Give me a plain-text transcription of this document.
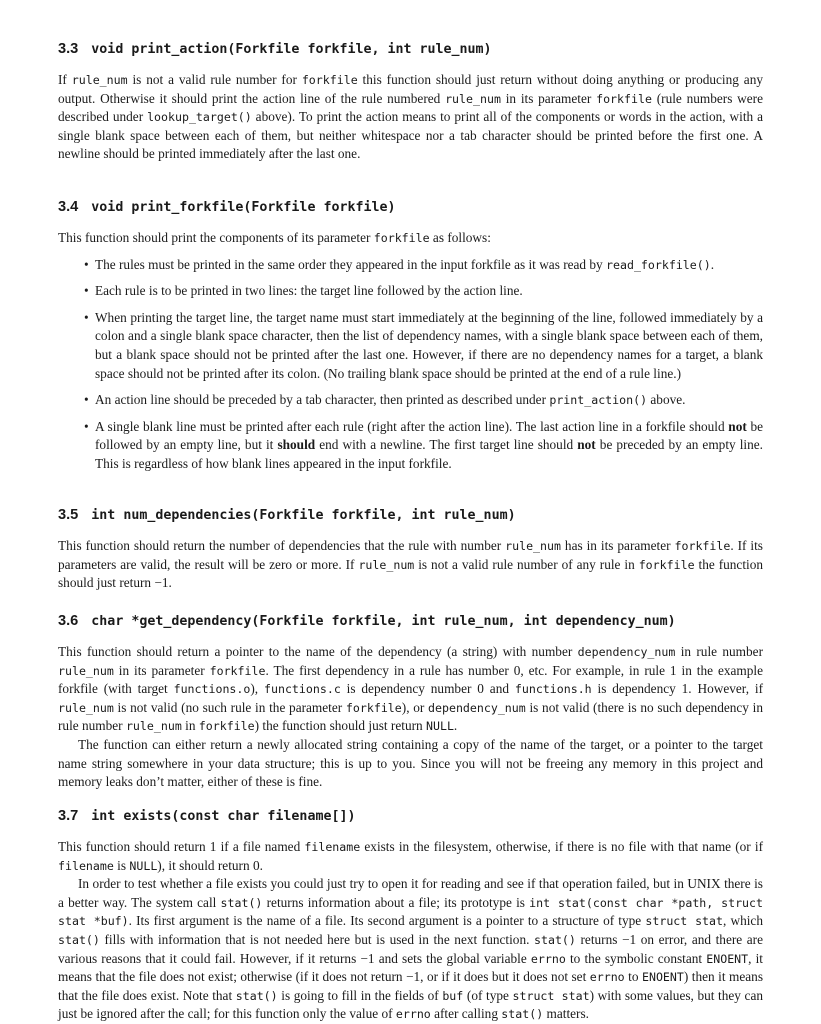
3.3 void print_action(Forkfile forkfile, int rule_num)

If rule_num is not a valid rule number for forkfile this function should just return without doing anything or producing any output. Otherwise it should print the action line of the rule numbered rule_num in its parameter forkfile (rule numbers were described under lookup_target() above). To print the action means to print all of the components or words in the action, with a single blank space between each of them, but neither whitespace nor a tab character should be printed before the first one. A newline should be printed immediately after the last one.

3.4 void print_forkfile(Forkfile forkfile)

This function should print the components of its parameter forkfile as follows:

• The rules must be printed in the same order they appeared in the input forkfile as it was read by read_forkfile().
• Each rule is to be printed in two lines: the target line followed by the action line.
• When printing the target line, the target name must start immediately at the beginning of the line, followed immediately by a colon and a single blank space character, then the list of dependency names, with a single blank space between each of them, but a blank space should not be printed after the last one. However, if there are no dependency names for a target, a blank space should not be printed after its colon. (No trailing blank space should be printed at the end of a rule line.)
• An action line should be preceded by a tab character, then printed as described under print_action() above.
• A single blank line must be printed after each rule (right after the action line). The last action line in a forkfile should not be followed by an empty line, but it should end with a newline. The first target line should not be preceded by an empty line. This is regardless of how blank lines appeared in the input forkfile.
3.5 int num_dependencies(Forkfile forkfile, int rule_num)

This function should return the number of dependencies that the rule with number rule_num has in its parameter forkfile. If its parameters are valid, the result will be zero or more. If rule_num is not a valid rule number of any rule in forkfile the function should just return −1.

3.6 char *get_dependency(Forkfile forkfile, int rule_num, int dependency_num)

This function should return a pointer to the name of the dependency (a string) with number dependency_num in rule number rule_num in its parameter forkfile. The first dependency in a rule has number 0, etc. For example, in rule 1 in the example forkfile (with target functions.o), functions.c is dependency number 0 and functions.h is dependency 1. However, if rule_num is not valid (no such rule in the parameter forkfile), or dependency_num is not valid (there is no such dependency in rule number rule_num in forkfile) the function should just return NULL.

The function can either return a newly allocated string containing a copy of the name of the target, or a pointer to the target name string somewhere in your data structure; this is up to you. Since you will not be freeing any memory in this project and memory leaks don’t matter, either of these is fine.

3.7 int exists(const char filename[])

This function should return 1 if a file named filename exists in the filesystem, otherwise, if there is no file with that name (or if filename is NULL), it should return 0.

In order to test whether a file exists you could just try to open it for reading and see if that operation failed, but in UNIX there is a better way. The system call stat() returns information about a file; its prototype is int stat(const char *path, struct stat *buf). Its first argument is the name of a file. Its second argument is a pointer to a structure of type struct stat, which stat() fills with information that is not needed here but is used in the next function. stat() returns −1 on error, and there are various reasons that it could fail. However, if it returns −1 and sets the global variable errno to the symbolic constant ENOENT, it means that the file does not exist; otherwise (if it does not return −1, or if it does but it does not set errno to ENOENT) then it means that the file does exist. Note that stat() is going to fill in the fields of buf (of type struct stat) with some values, but they can just be ignored after the call; for this function only the value of errno after calling stat() matters.
